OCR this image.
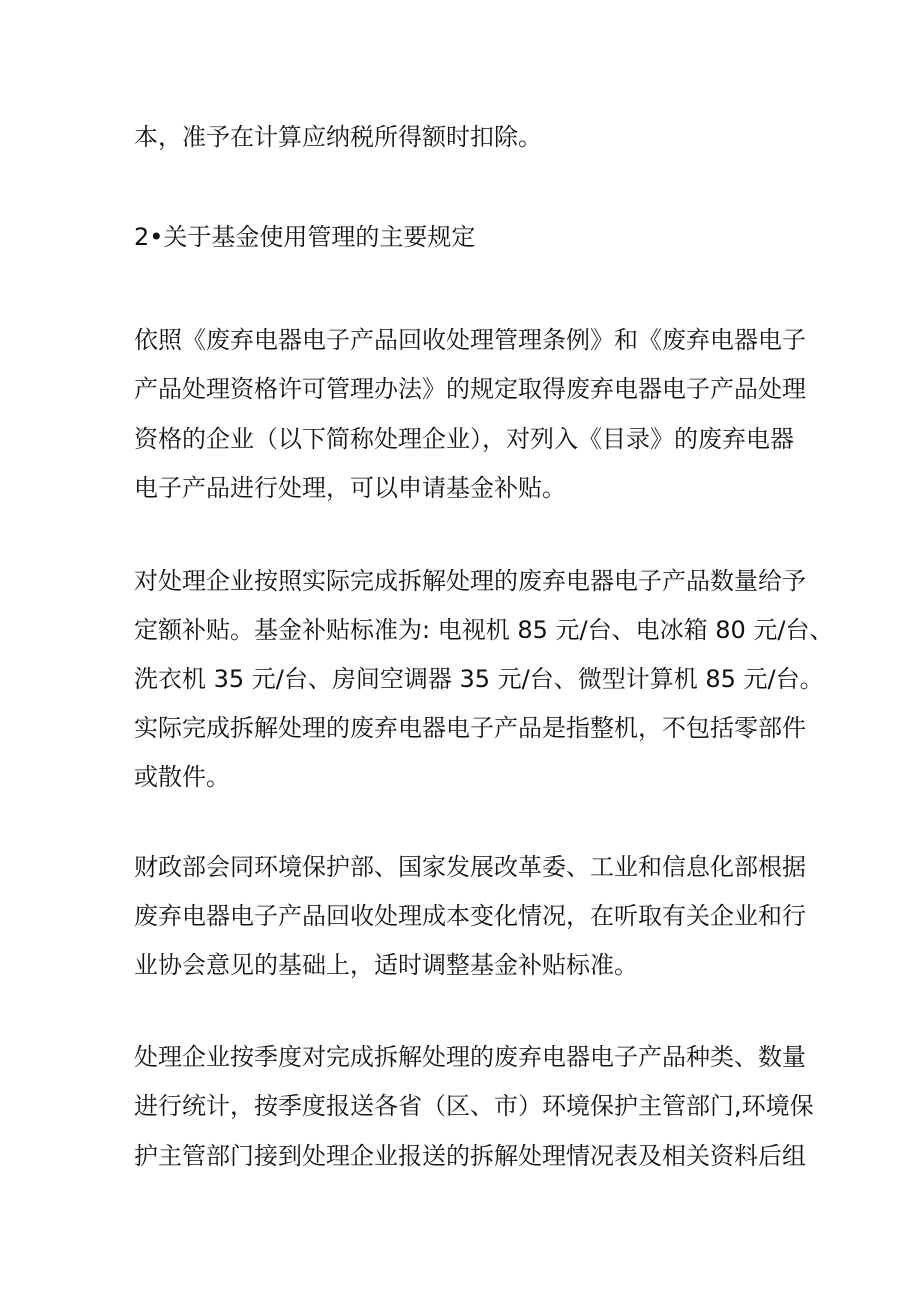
本，准予在计算应纳税所得额时扣除。
2•关于基金使用管理的主要规定
依照《废弃电器电子产品回收处理管理条例》和《废弃电器电子
产品处理资格许可管理办法》的规定取得废弃电器电子产品处理
资格的企业（以下简称处理企业），对列入《目录》的废弃电器
电子产品进行处理，可以申请基金补贴。
对处理企业按照实际完成拆解处理的废弃电器电子产品数量给予
定额补贴。基金补贴标准为: 电视机 85 元/台、电冰箱 80 元/台、
洗衣机 35 元/台、房间空调器 35 元/台、微型计算机 85 元/台。
实际完成拆解处理的废弃电器电子产品是指整机，不包括零部件
或散件。
财政部会同环境保护部、国家发展改革委、工业和信息化部根据
废弃电器电子产品回收处理成本变化情况，在听取有关企业和行
业协会意见的基础上，适时调整基金补贴标准。
处理企业按季度对完成拆解处理的废弃电器电子产品种类、数量
进行统计，按季度报送各省（区、市）环境保护主管部门,环境保
护主管部门接到处理企业报送的拆解处理情况表及相关资料后组
